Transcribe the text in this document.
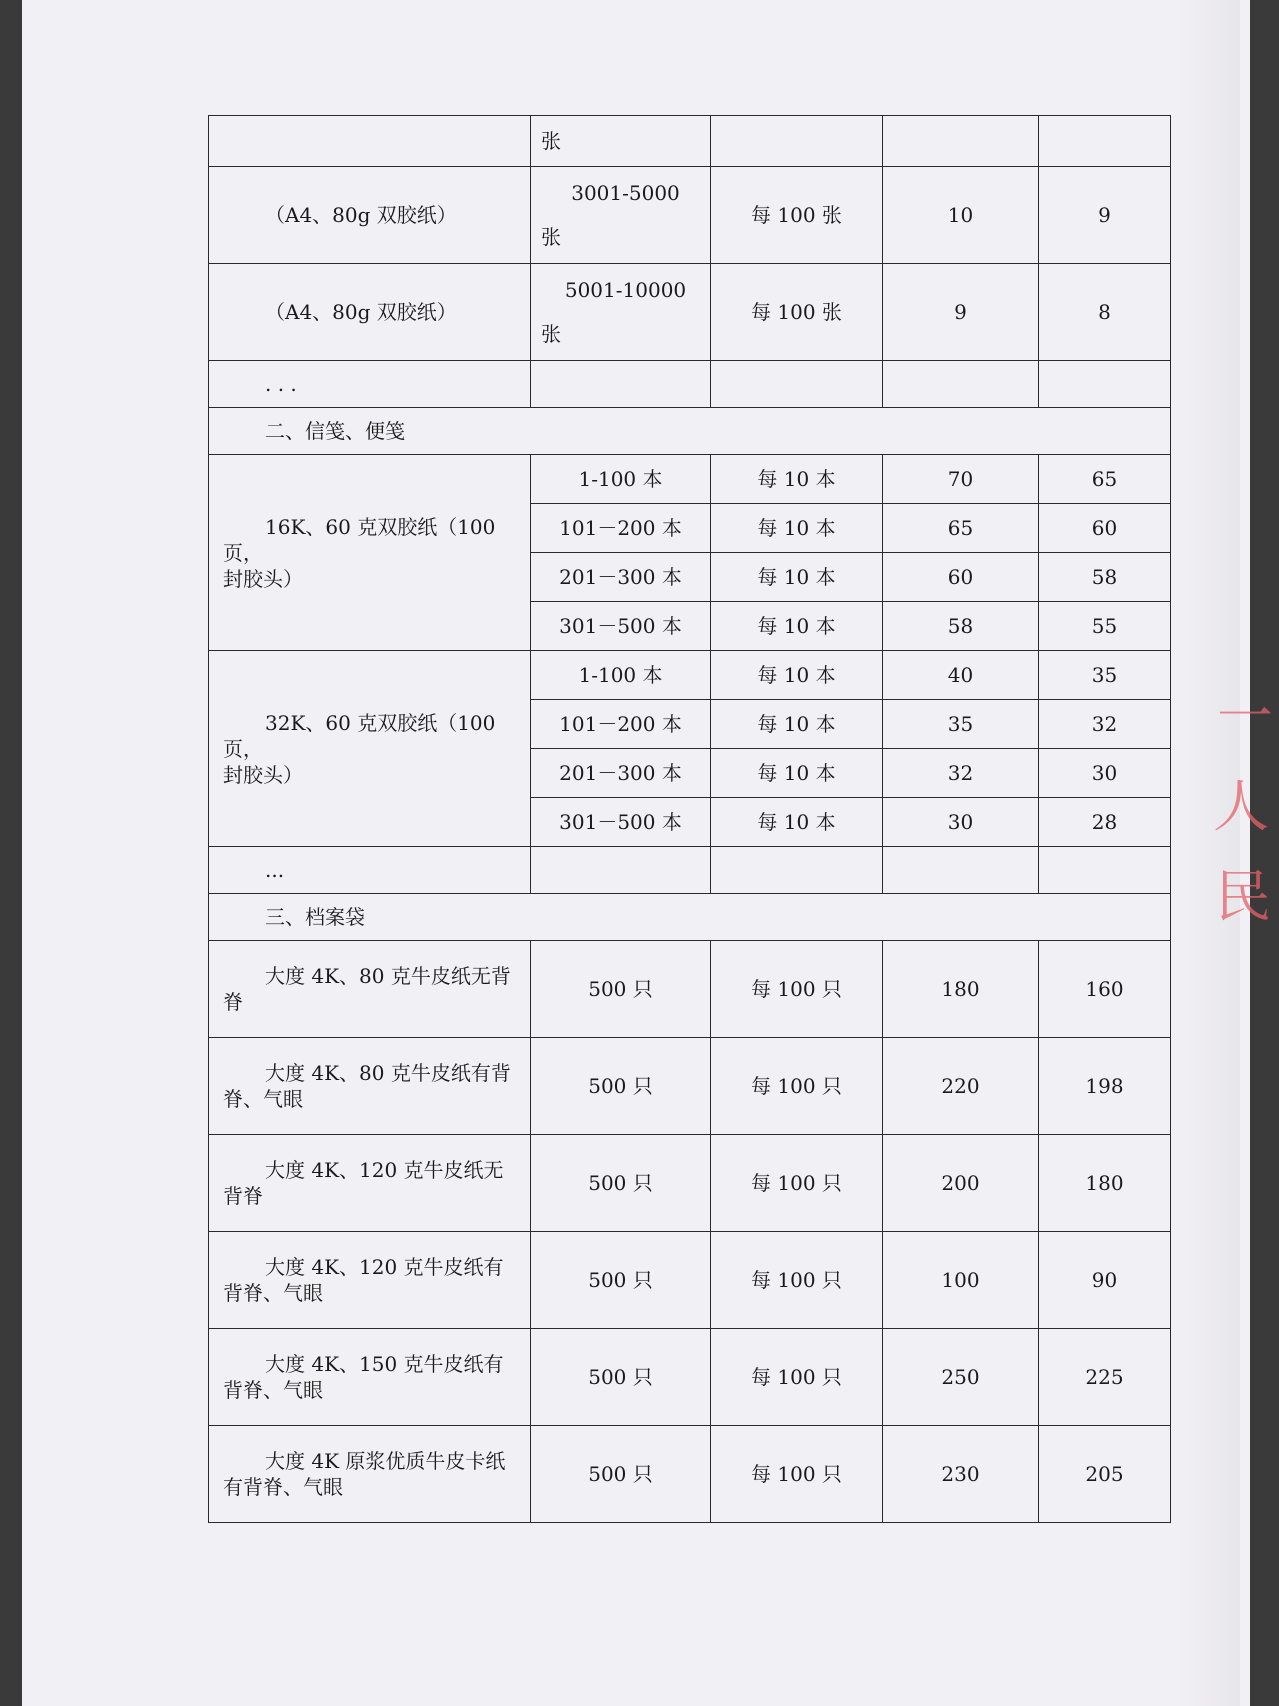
	张			

（A4、80g 双胶纸）	3001-5000
张	每 100 张	10	9

（A4、80g 双胶纸）	5001-10000
张	每 100 张	9	8
. . .				
二、信笺、便笺				

16K、60 克双胶纸（100 页，
封胶头）	1-100 本	每 10 本	70	65
	101－200 本	每 10 本	65	60
	201－300 本	每 10 本	60	58
	301－500 本	每 10 本	58	55

32K、60 克双胶纸（100 页，
封胶头）	1-100 本	每 10 本	40	35
	101－200 本	每 10 本	35	32
	201－300 本	每 10 本	32	30
	301－500 本	每 10 本	30	28
...				
三、档案袋				

大度 4K、80 克牛皮纸无背
脊	500 只	每 100 只	180	160

大度 4K、80 克牛皮纸有背
脊、气眼	500 只	每 100 只	220	198

大度 4K、120 克牛皮纸无
背脊	500 只	每 100 只	200	180

大度 4K、120 克牛皮纸有
背脊、气眼	500 只	每 100 只	100	90

大度 4K、150 克牛皮纸有
背脊、气眼	500 只	每 100 只	250	225

大度 4K 原浆优质牛皮卡纸
有背脊、气眼	500 只	每 100 只	230	205
一
人
民
